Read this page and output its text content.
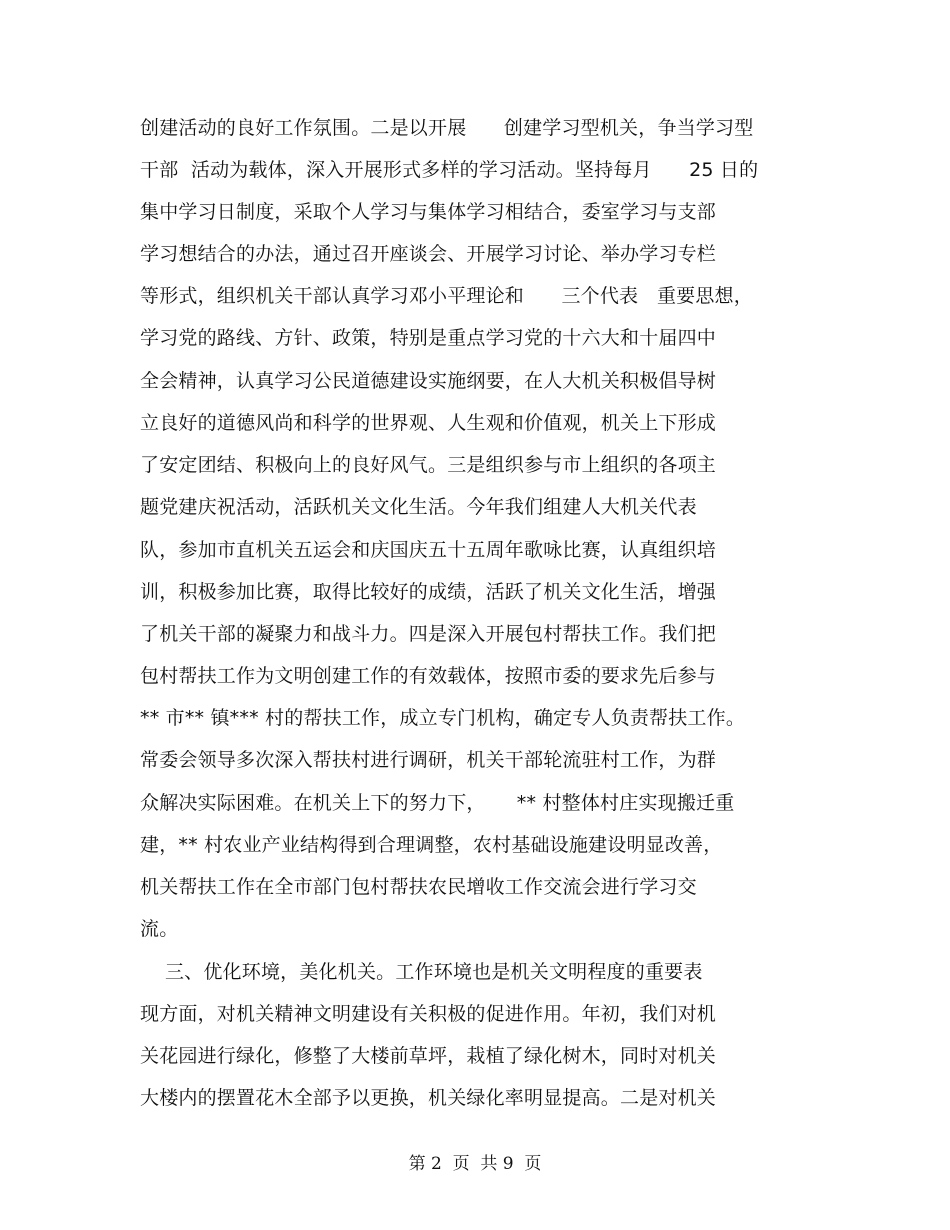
创建活动的良好工作氛围。二是以开展      创建学习型机关，争当学习型
干部  活动为载体，深入开展形式多样的学习活动。坚持每月      25 日的
集中学习日制度，采取个人学习与集体学习相结合，委室学习与支部
学习想结合的办法，通过召开座谈会、开展学习讨论、举办学习专栏
等形式，组织机关干部认真学习邓小平理论和      三个代表   重要思想，
学习党的路线、方针、政策，特别是重点学习党的十六大和十届四中
全会精神，认真学习公民道德建设实施纲要，在人大机关积极倡导树
立良好的道德风尚和科学的世界观、人生观和价值观，机关上下形成
了安定团结、积极向上的良好风气。三是组织参与市上组织的各项主
题党建庆祝活动，活跃机关文化生活。今年我们组建人大机关代表
队，参加市直机关五运会和庆国庆五十五周年歌咏比赛，认真组织培
训，积极参加比赛，取得比较好的成绩，活跃了机关文化生活，增强
了机关干部的凝聚力和战斗力。四是深入开展包村帮扶工作。我们把
包村帮扶工作为文明创建工作的有效载体，按照市委的要求先后参与
** 市** 镇*** 村的帮扶工作，成立专门机构，确定专人负责帮扶工作。
常委会领导多次深入帮扶村进行调研，机关干部轮流驻村工作，为群
众解决实际困难。在机关上下的努力下，     ** 村整体村庄实现搬迁重
建，** 村农业产业结构得到合理调整，农村基础设施建设明显改善，
机关帮扶工作在全市部门包村帮扶农民增收工作交流会进行学习交
流。
三、优化环境，美化机关。工作环境也是机关文明程度的重要表
现方面，对机关精神文明建设有关积极的促进作用。年初，我们对机
关花园进行绿化，修整了大楼前草坪，栽植了绿化树木，同时对机关
大楼内的摆置花木全部予以更换，机关绿化率明显提高。二是对机关
第 2  页  共 9  页
